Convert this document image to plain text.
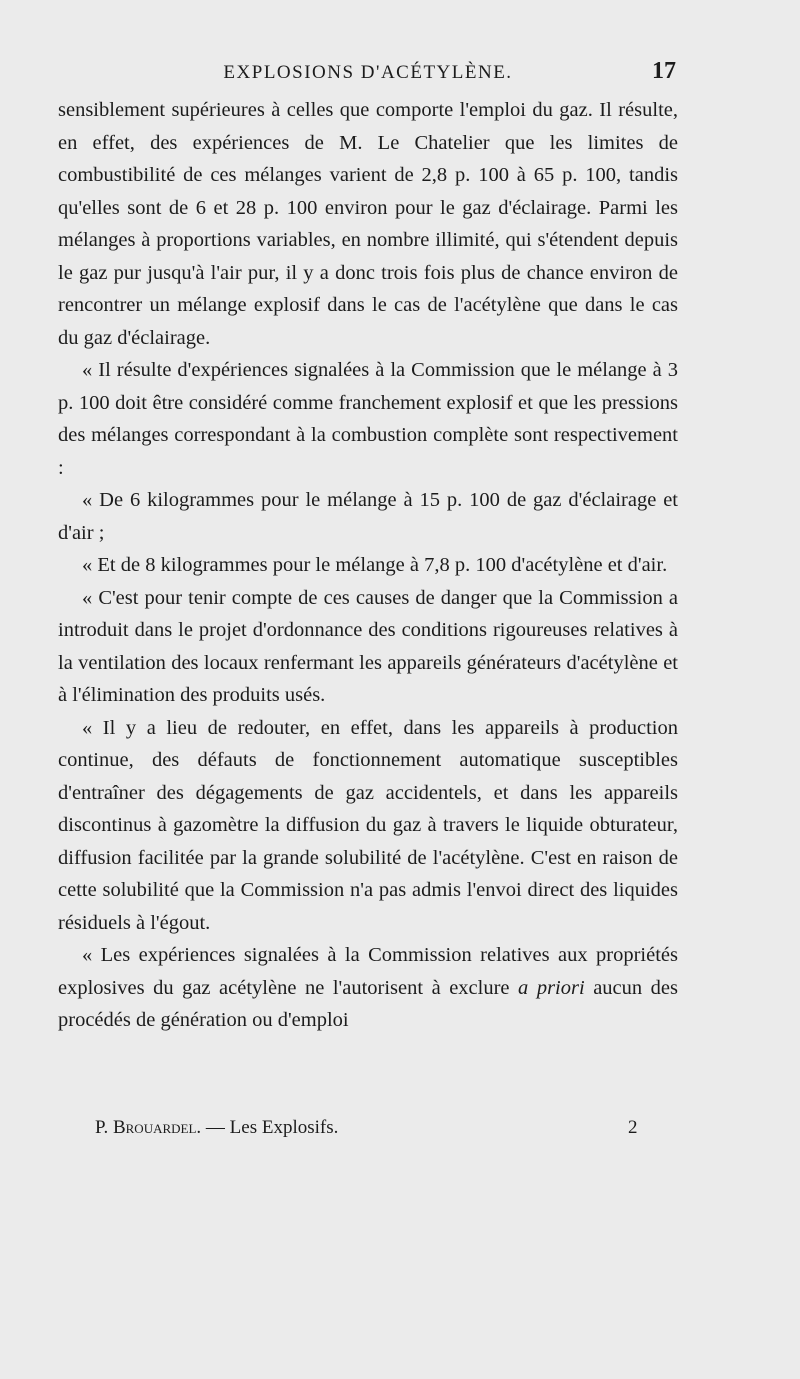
EXPLOSIONS D'ACÉTYLÈNE.	17

sensiblement supérieures à celles que comporte l'emploi du gaz. Il résulte, en effet, des expériences de M. Le Chatelier que les limites de combustibilité de ces mélanges varient de 2,8 p. 100 à 65 p. 100, tandis qu'elles sont de 6 et 28 p. 100 environ pour le gaz d'éclairage. Parmi les mélanges à proportions variables, en nombre illimité, qui s'étendent depuis le gaz pur jusqu'à l'air pur, il y a donc trois fois plus de chance environ de rencontrer un mélange explosif dans le cas de l'acétylène que dans le cas du gaz d'éclairage.

« Il résulte d'expériences signalées à la Commission que le mélange à 3 p. 100 doit être considéré comme franchement explosif et que les pressions des mélanges correspondant à la combustion complète sont respectivement :

« De 6 kilogrammes pour le mélange à 15 p. 100 de gaz d'éclairage et d'air ;

« Et de 8 kilogrammes pour le mélange à 7,8 p. 100 d'acétylène et d'air.

« C'est pour tenir compte de ces causes de danger que la Commission a introduit dans le projet d'ordonnance des conditions rigoureuses relatives à la ventilation des locaux renfermant les appareils générateurs d'acétylène et à l'élimination des produits usés.

« Il y a lieu de redouter, en effet, dans les appareils à production continue, des défauts de fonctionnement automatique susceptibles d'entraîner des dégagements de gaz accidentels, et dans les appareils discontinus à gazomètre la diffusion du gaz à travers le liquide obturateur, diffusion facilitée par la grande solubilité de l'acétylène. C'est en raison de cette solubilité que la Commission n'a pas admis l'envoi direct des liquides résiduels à l'égout.

« Les expériences signalées à la Commission relatives aux propriétés explosives du gaz acétylène ne l'autorisent à exclure a priori aucun des procédés de génération ou d'emploi

P. Brouardel. — Les Explosifs.	2
